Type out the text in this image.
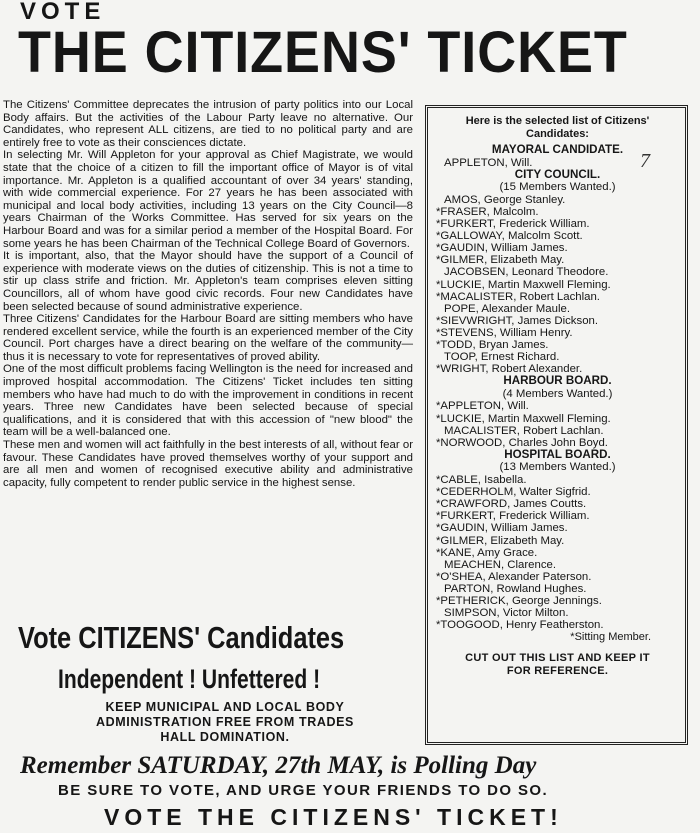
VOTE
THE CITIZENS' TICKET

The Citizens' Committee deprecates the intrusion of party politics into our Local Body affairs. But the activities of the Labour Party leave no alternative. Our Candidates, who represent ALL citizens, are tied to no political party and are entirely free to vote as their consciences dictate.

In selecting Mr. Will Appleton for your approval as Chief Magistrate, we would state that the choice of a citizen to fill the important office of Mayor is of vital importance. Mr. Appleton is a qualified accountant of over 34 years' standing, with wide commercial experience. For 27 years he has been associated with municipal and local body activities, including 13 years on the City Council—8 years Chairman of the Works Committee. Has served for six years on the Harbour Board and was for a similar period a member of the Hospital Board. For some years he has been Chairman of the Technical College Board of Governors.

It is important, also, that the Mayor should have the support of a Council of experience with moderate views on the duties of citizenship. This is not a time to stir up class strife and friction. Mr. Appleton's team comprises eleven sitting Councillors, all of whom have good civic records. Four new Candidates have been selected because of sound administrative experience.

Three Citizens' Candidates for the Harbour Board are sitting members who have rendered excellent service, while the fourth is an experienced member of the City Council. Port charges have a direct bearing on the welfare of the community—thus it is necessary to vote for representatives of proved ability.

One of the most difficult problems facing Wellington is the need for increased and improved hospital accommodation. The Citizens' Ticket includes ten sitting members who have had much to do with the improvement in conditions in recent years. Three new Candidates have been selected because of special qualifications, and it is considered that with this accession of "new blood" the team will be a well-balanced one.

These men and women will act faithfully in the best interests of all, without fear or favour. These Candidates have proved themselves worthy of your support and are all men and women of recognised executive ability and administrative capacity, fully competent to render public service in the highest sense.

Vote CITIZENS' Candidates
Independent ! Unfettered !
KEEP MUNICIPAL AND LOCAL BODY
ADMINISTRATION FREE FROM TRADES
HALL DOMINATION.
Here is the selected list of Citizens'
Candidates:
MAYORAL CANDIDATE.
APPLETON, Will.
CITY COUNCIL.
(15 Members Wanted.)
AMOS, George Stanley.
*FRASER, Malcolm.
*FURKERT, Frederick William.
*GALLOWAY, Malcolm Scott.
*GAUDIN, William James.
*GILMER, Elizabeth May.
JACOBSEN, Leonard Theodore.
*LUCKIE, Martin Maxwell Fleming.
*MACALISTER, Robert Lachlan.
POPE, Alexander Maule.
*SIEVWRIGHT, James Dickson.
*STEVENS, William Henry.
*TODD, Bryan James.
TOOP, Ernest Richard.
*WRIGHT, Robert Alexander.
HARBOUR BOARD.
(4 Members Wanted.)
*APPLETON, Will.
*LUCKIE, Martin Maxwell Fleming.
MACALISTER, Robert Lachlan.
*NORWOOD, Charles John Boyd.
HOSPITAL BOARD.
(13 Members Wanted.)
*CABLE, Isabella.
*CEDERHOLM, Walter Sigfrid.
*CRAWFORD, James Coutts.
*FURKERT, Frederick William.
*GAUDIN, William James.
*GILMER, Elizabeth May.
*KANE, Amy Grace.
MEACHEN, Clarence.
*O'SHEA, Alexander Paterson.
PARTON, Rowland Hughes.
*PETHERICK, George Jennings.
SIMPSON, Victor Milton.
*TOOGOOD, Henry Featherston.
*Sitting Member.
CUT OUT THIS LIST AND KEEP IT
FOR REFERENCE.
7
Remember SATURDAY, 27th MAY, is Polling Day
BE SURE TO VOTE, AND URGE YOUR FRIENDS TO DO SO.
VOTE THE CITIZENS' TICKET!
